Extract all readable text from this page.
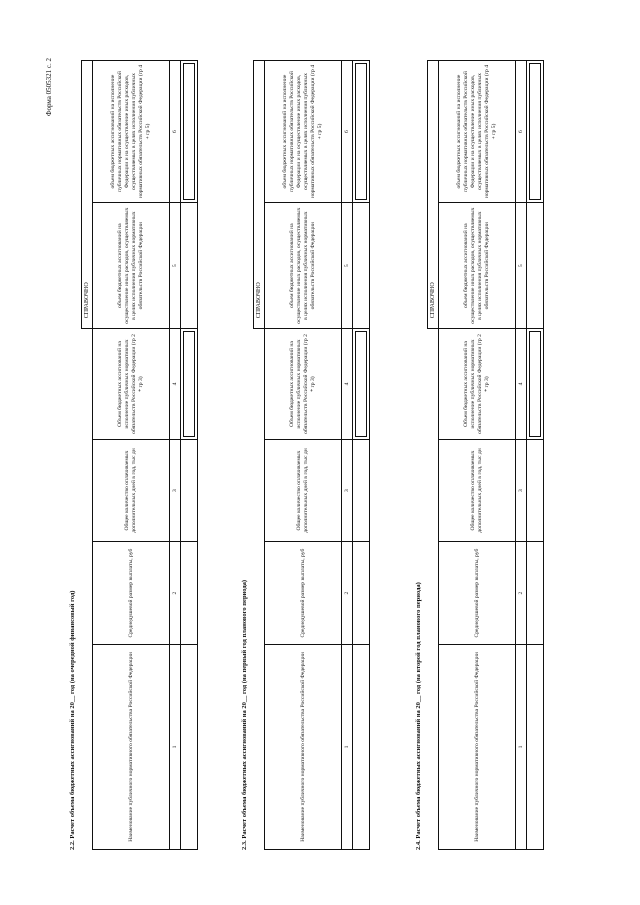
Форма 0505321 с. 2
2.2. Расчет объема бюджетных ассигнований на 20__ год (на очередной финансовый год)
				СПРАВОЧНО	
Наименование публичного нормативного обязательства Российской Федерации	Среднедушевой размер выплаты, руб	Общее количество оплачиваемых дополнительных дней в год, тыс дн	Объем бюджетных ассигнований на исполнение публичных нормативных обязательств Российской Федерации (гр 2 * гр 3)	объем бюджетных ассигнований на осуществление иных расходов, осуществляемых в целях исполнения публичных нормативных обязательств Российской Федерации	объем бюджетных ассигнований на исполнение публичных нормативных обязательств Российской Федерации и на осуществление иных расходов, осуществляемых в целях исполнения публичных нормативных обязательств Российской Федерации (гр 4 + гр 5)
1	2	3	4	5	6

2.3. Расчет объема бюджетных ассигнований на 20__ год (на первый год планового периода)
				СПРАВОЧНО	
Наименование публичного нормативного обязательства Российской Федерации	Среднедушевой размер выплаты, руб	Общее количество оплачиваемых дополнительных дней в год, тыс дн	Объем бюджетных ассигнований на исполнение публичных нормативных обязательств Российской Федерации (гр 2 * гр 3)	объем бюджетных ассигнований на осуществление иных расходов, осуществляемых в целях исполнения публичных нормативных обязательств Российской Федерации	объем бюджетных ассигнований на исполнение публичных нормативных обязательств Российской Федерации и на осуществление иных расходов, осуществляемых в целях исполнения публичных нормативных обязательств Российской Федерации (гр 4 + гр 5)
1	2	3	4	5	6

2.4. Расчет объема бюджетных ассигнований на 20__ год (на второй год планового периода)
				СПРАВОЧНО	
Наименование публичного нормативного обязательства Российской Федерации	Среднедушевой размер выплаты, руб	Общее количество оплачиваемых дополнительных дней в год, тыс дн	Объем бюджетных ассигнований на исполнение публичных нормативных обязательств Российской Федерации (гр 2 * гр 3)	объем бюджетных ассигнований на осуществление иных расходов, осуществляемых в целях исполнения публичных нормативных обязательств Российской Федерации	объем бюджетных ассигнований на исполнение публичных нормативных обязательств Российской Федерации и на осуществление иных расходов, осуществляемых в целях исполнения публичных нормативных обязательств Российской Федерации (гр 4 + гр 5)
1	2	3	4	5	6
